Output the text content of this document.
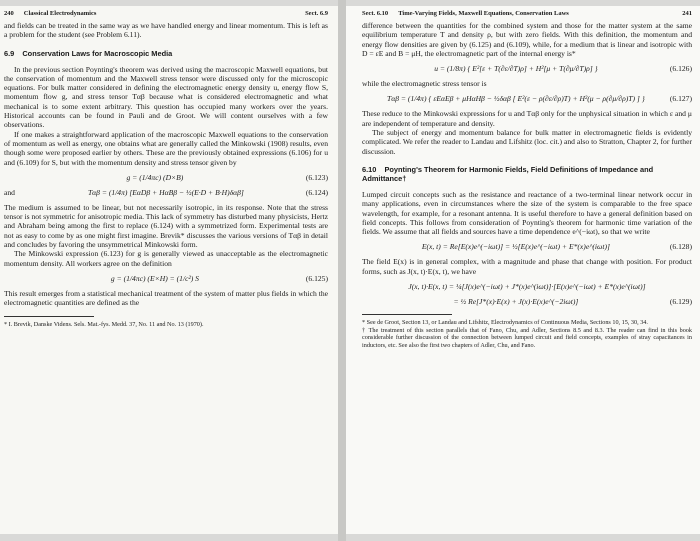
240	Classical Electrodynamics	Sect. 6.9

and fields can be treated in the same way as we have handled energy and linear momentum. This is left as a problem for the student (see Problem 6.11).

6.9 Conservation Laws for Macroscopic Media

In the previous section Poynting's theorem was derived using the macroscopic Maxwell equations, but the conservation of momentum and the Maxwell stress tensor were discussed only for the microscopic equations. For bulk matter considered in defining the electromagnetic energy density u, energy flow S, momentum flow g, and stress tensor Tαβ because what is considered electromagnetic and what mechanical is to some extent arbitrary. This question has occupied many workers over the years. Historical accounts can be found in Pauli and de Groot. We will content ourselves with a few observations.

If one makes a straightforward application of the macroscopic Maxwell equations to the conservation of momentum as well as energy, one obtains what are generally called the Minkowski (1908) results, even though some were proposed earlier by others. These are the previously obtained expressions (6.106) for u and (6.109) for S, but with the momentum density and stress tensor given by

g = (1/4πc) (D×B)	(6.123)
and	Tαβ = (1/4π) [EαDβ + HαBβ − ½(E·D + B·H)δαβ]	(6.124)

The medium is assumed to be linear, but not necessarily isotropic, in its response. Note that the stress tensor is not symmetric for anisotropic media. This lack of symmetry has disturbed many physicists, Hertz and Abraham being among the first to replace (6.124) with a symmetrized form. Experimental tests are not as easy to come by as one might first imagine. Brevik* discusses the various versions of Tαβ in detail and concludes by favoring the unsymmetrical Minkowski form.

The Minkowski expression (6.123) for g is generally viewed as unacceptable as the electromagnetic momentum density. All workers agree on the definition

g = (1/4πc) (E×H) = (1/c²) S	(6.125)

This result emerges from a statistical mechanical treatment of the system of matter plus fields in which the electromagnetic quantities are defined as the

* I. Brevik, Danske Videns. Sels. Mat.-fys. Medd. 37, No. 11 and No. 13 (1970).

Sect. 6.10	Time-Varying Fields, Maxwell Equations, Conservation Laws	241

difference between the quantities for the combined system and those for the matter system at the same equilibrium temperature T and density ρ, but with zero fields. With this definition, the momentum and energy flow densities are given by (6.125) and (6.109), while, for a medium that is linear and isotropic with D = εE and B = μH, the electromagnetic part of the internal energy is*

u = (1/8π) { E²[ε + T(∂ε/∂T)ρ] + H²[μ + T(∂μ/∂T)ρ] }	(6.126)

while the electromagnetic stress tensor is

Tαβ = (1/4π) { εEαEβ + μHαHβ − ½δαβ [ E²(ε − ρ(∂ε/∂ρ)T) + H²(μ − ρ(∂μ/∂ρ)T) ] }	(6.127)

These reduce to the Minkowski expressions for u and Tαβ only for the unphysical situation in which ε and μ are independent of temperature and density.

The subject of energy and momentum balance for bulk matter in electromagnetic fields is evidently complicated. We refer the reader to Landau and Lifshitz (loc. cit.) and also to Stratton, Chapter 2, for further discussion.

6.10 Poynting's Theorem for Harmonic Fields, Field Definitions of Impedance and Admittance†

Lumped circuit concepts such as the resistance and reactance of a two-terminal linear network occur in many applications, even in circumstances where the size of the system is comparable to the free space wavelength, for example, for a resonant antenna. It is useful therefore to have a general definition based on field concepts. This follows from consideration of Poynting's theorem for harmonic time variation of the fields. We assume that all fields and sources have a time dependence e^(−iωt), so that we write

E(x, t) = Re[E(x)e^(−iωt)] = ½[E(x)e^(−iωt) + E*(x)e^(iωt)]	(6.128)

The field E(x) is in general complex, with a magnitude and phase that change with position. For product forms, such as J(x, t)·E(x, t), we have

J(x, t)·E(x, t) = ¼[J(x)e^(−iωt) + J*(x)e^(iωt)]·[E(x)e^(−iωt) + E*(x)e^(iωt)]
= ½ Re[J*(x)·E(x) + J(x)·E(x)e^(−2iωt)]	(6.129)

* See de Groot, Section 13, or Landau and Lifshitz, Electrodynamics of Continuous Media, Sections 10, 15, 30, 34.

† The treatment of this section parallels that of Fano, Chu, and Adler, Sections 8.5 and 8.3. The reader can find in this book considerable further discussion of the connection between lumped circuit and field concepts, examples of stray capacitances in inductors, etc. See also the first two chapters of Adler, Chu, and Fano.
